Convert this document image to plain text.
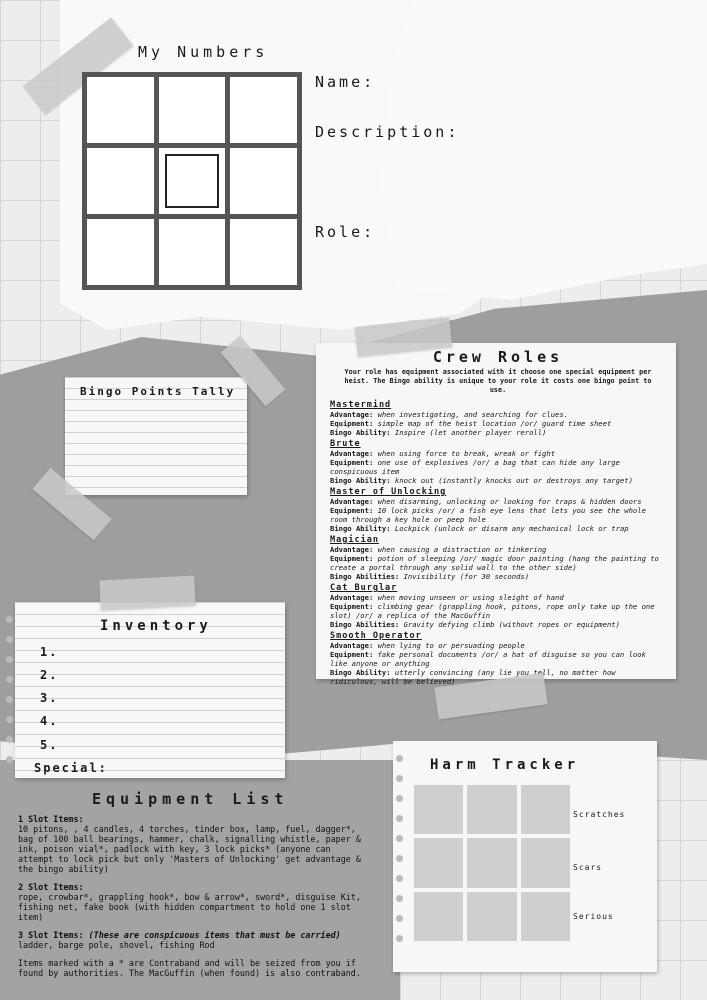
My Numbers
Name:
Description:
Role:
Bingo Points Tally
Crew Roles
Your role has equipment associated with it choose one special equipment per heist. The Bingo ability is unique to your role it costs one bingo point to use.
Mastermind
Advantage: when investigating, and searching for clues.
Equipment: simple map of the heist location /or/ guard time sheet
Bingo Ability: Inspire (let another player reroll)
Brute
Advantage: when using force to break, wreak or fight
Equipment: one use of explosives /or/ a bag that can hide any large conspicuous item
Bingo Ability: knock out (instantly knocks out or destroys any target)
Master of Unlocking
Advantage: when disarming, unlocking or looking for traps & hidden doors
Equipment: 10 lock picks /or/ a fish eye lens that lets you see the whole room through a key hole or peep hole
Bingo Ability: Lockpick (unlock or disarm any mechanical lock or trap
Magician
Advantage: when causing a distraction or tinkering
Equipment: potion of sleeping /or/ magic door painting (hang the painting to create a portal through any solid wall to the other side)
Bingo Abilities: Invisibility (for 30 seconds)
Cat Burglar
Advantage: when moving unseen or using sleight of hand
Equipment: climbing gear (grappling hook, pitons, rope only take up the one slot) /or/ a replica of the MacGuffin
Bingo Abilities: Gravity defying climb (without ropes or equipment)
Smooth Operator
Advantage: when lying to or persuading people
Equipment: fake personal documents /or/ a hat of disguise so you can look like anyone or anything
Bingo Ability: utterly convincing (any lie you tell, no matter how ridiculous, will be believed)
Inventory
1.
2.
3.
4.
5.
Special:	Harm Tracker
Scratches
Scars
Serious
Equipment List

1 Slot Items:
10 pitons, , 4 candles, 4 torches, tinder box, lamp, fuel, dagger*, bag of 100 ball bearings, hammer, chalk, signalling whistle, paper & ink, poison vial*, padlock with key, 3 lock picks* (anyone can attempt to lock pick but only 'Masters of Unlocking' get advantage & the bingo ability)

2 Slot Items:
rope, crowbar*, grappling hook*, bow & arrow*, sword*, disguise Kit, fishing net, fake book (with hidden compartment to hold one 1 slot item)

3 Slot Items: (These are conspicuous items that must be carried)
ladder, barge pole, shovel, fishing Rod

Items marked with a * are Contraband and will be seized from you if found by authorities. The MacGuffin (when found) is also contraband.
